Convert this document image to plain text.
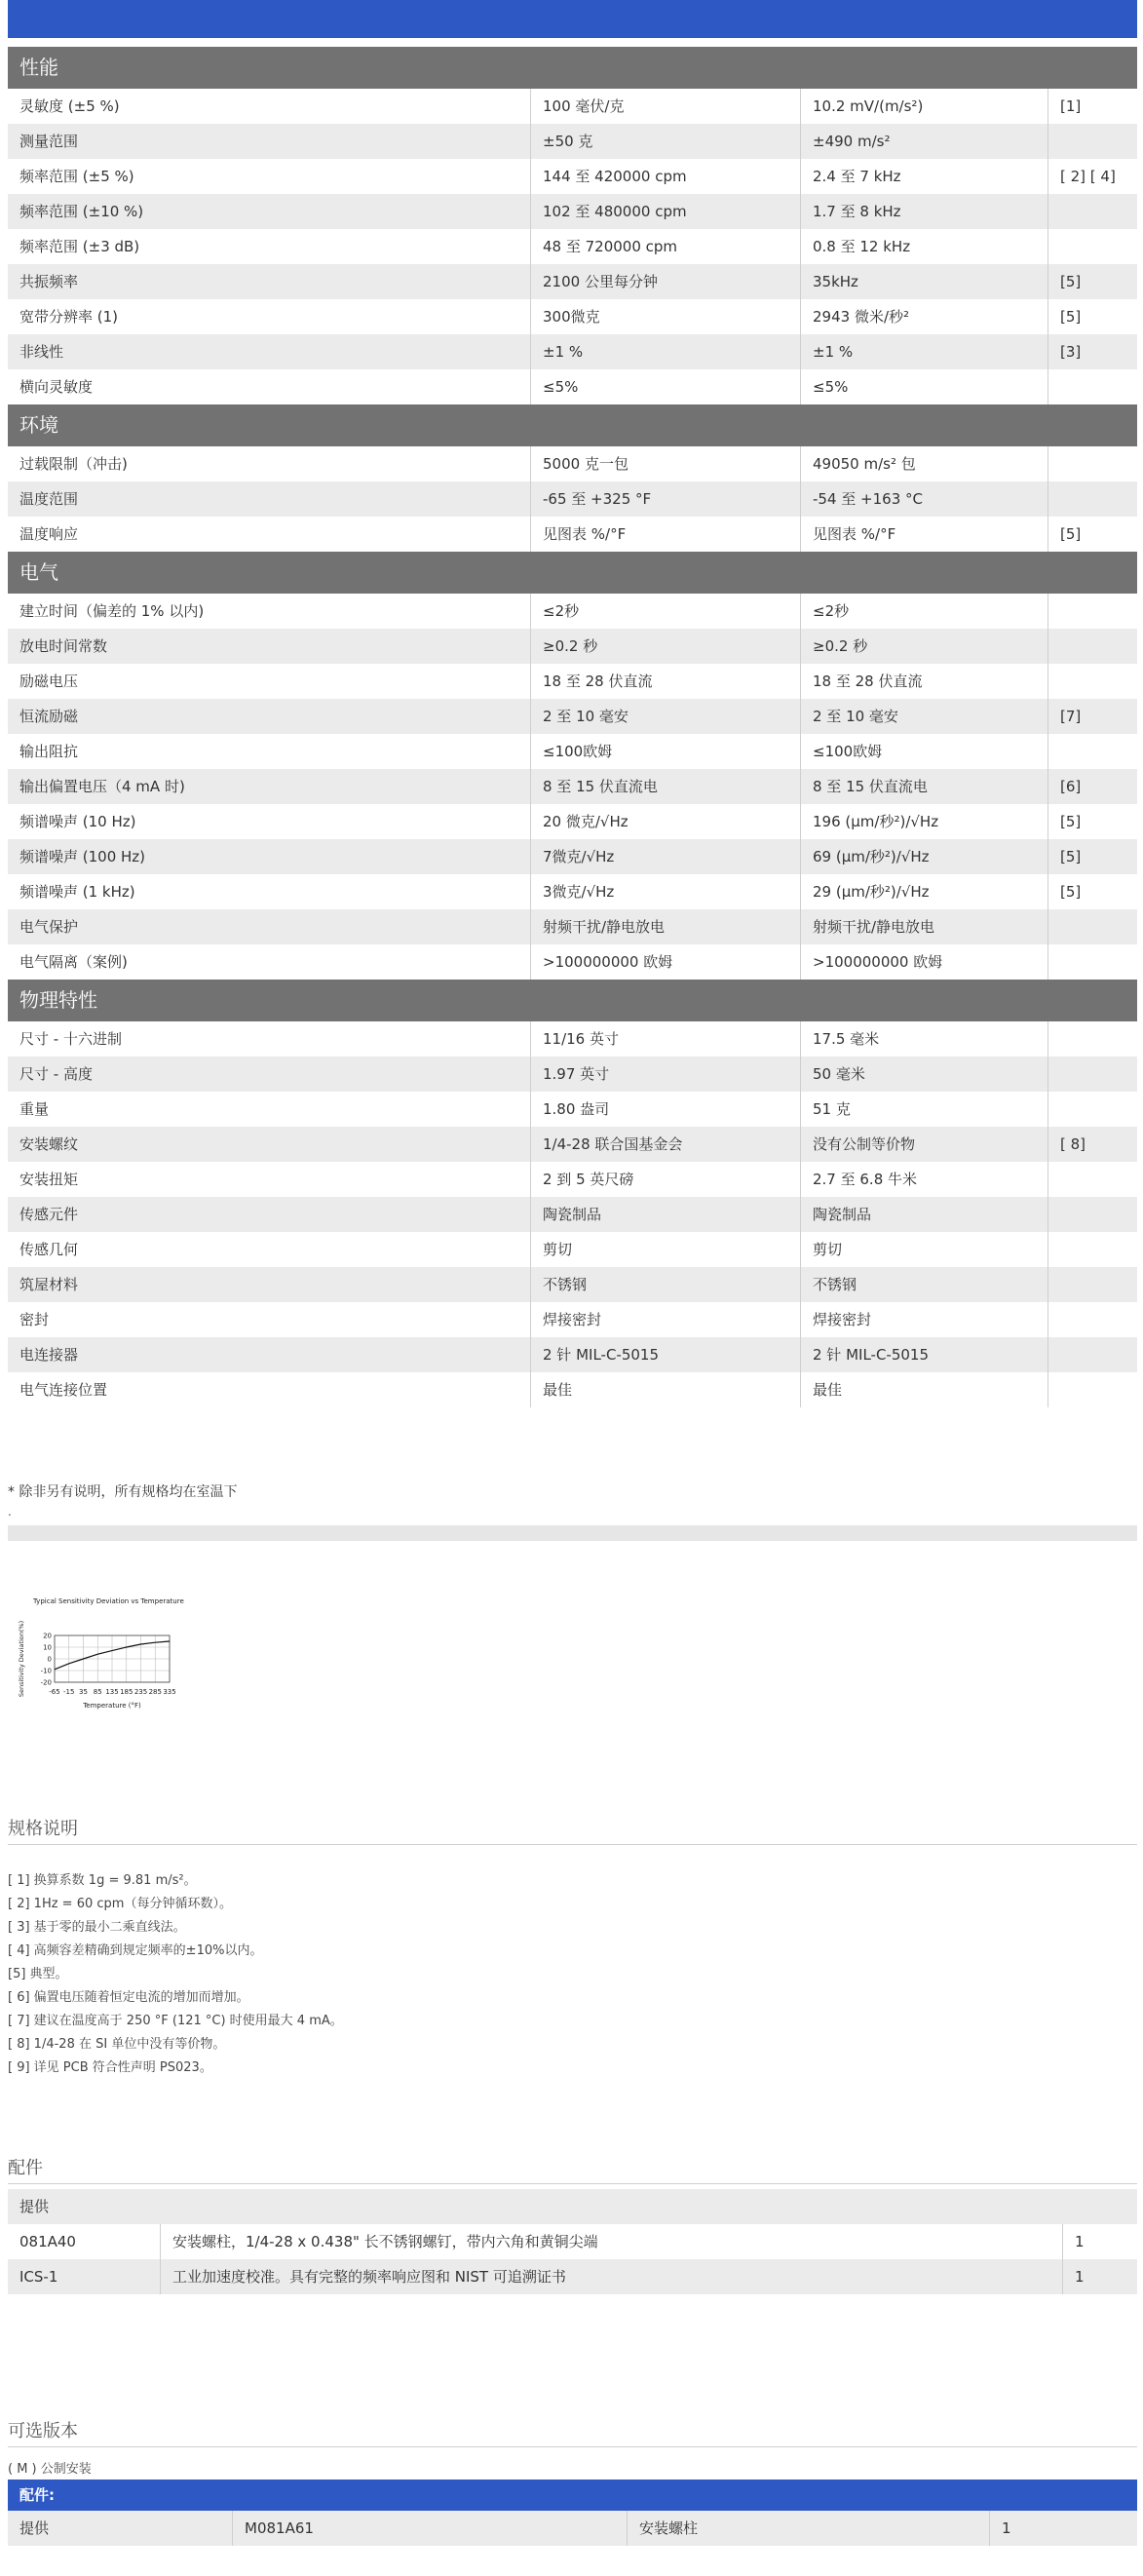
性能
灵敏度 (±5 %)	100 毫伏/克	10.2 mV/(m/s²)	[1]
测量范围	±50 克	±490 m/s²
频率范围 (±5 %)	144 至 420000 cpm	2.4 至 7 kHz	[ 2] [ 4]
频率范围 (±10 %)	102 至 480000 cpm	1.7 至 8 kHz
频率范围 (±3 dB)	48 至 720000 cpm	0.8 至 12 kHz
共振频率	2100 公里每分钟	35kHz	[5]
宽带分辨率 (1)	300微克	2943 微米/秒²	[5]
非线性	±1 %	±1 %	[3]
横向灵敏度	≤5%	≤5%
环境
过载限制（冲击)	5000 克一包	49050 m/s² 包
温度范围	-65 至 +325 °F	-54 至 +163 °C
温度响应	见图表 %/°F	见图表 %/°F	[5]
电气
建立时间（偏差的 1% 以内)	≤2秒	≤2秒
放电时间常数	≥0.2 秒	≥0.2 秒
励磁电压	18 至 28 伏直流	18 至 28 伏直流
恒流励磁	2 至 10 毫安	2 至 10 毫安	[7]
输出阻抗	≤100欧姆	≤100欧姆
输出偏置电压（4 mA 时)	8 至 15 伏直流电	8 至 15 伏直流电	[6]
频谱噪声 (10 Hz)	20 微克/√Hz	196 (μm/秒²)/√Hz	[5]
频谱噪声 (100 Hz)	7微克/√Hz	69 (μm/秒²)/√Hz	[5]
频谱噪声 (1 kHz)	3微克/√Hz	29 (μm/秒²)/√Hz	[5]
电气保护	射频干扰/静电放电	射频干扰/静电放电
电气隔离（案例)	>100000000 欧姆	>100000000 欧姆
物理特性
尺寸 - 十六进制	11/16 英寸	17.5 毫米
尺寸 - 高度	1.97 英寸	50 毫米
重量	1.80 盎司	51 克
安装螺纹	1/4-28 联合国基金会	没有公制等价物	[ 8]
安装扭矩	2 到 5 英尺磅	2.7 至 6.8 牛米
传感元件	陶瓷制品	陶瓷制品
传感几何	剪切	剪切
筑屋材料	不锈钢	不锈钢
密封	焊接密封	焊接密封
电连接器	2 针 MIL-C-5015	2 针 MIL-C-5015
电气连接位置	最佳	最佳
* 除非另有说明，所有规格均在室温下
.
Typical Sensitivity Deviation vs Temperature
20
10
0
-10
-20
-65 -15 35 85 135 185 235 285 335
Temperature (°F)
Sensitivity Deviation(%)
规格说明
[ 1] 换算系数 1g = 9.81 m/s²。
[ 2] 1Hz = 60 cpm（每分钟循环数）。
[ 3] 基于零的最小二乘直线法。
[ 4] 高频容差精确到规定频率的±10%以内。
[5] 典型。
[ 6] 偏置电压随着恒定电流的增加而增加。
[ 7] 建议在温度高于 250 °F (121 °C) 时使用最大 4 mA。
[ 8] 1/4-28 在 SI 单位中没有等价物。
[ 9] 详见 PCB 符合性声明 PS023。
配件
提供
081A40	安装螺柱，1/4-28 x 0.438" 长不锈钢螺钉，带内六角和黄铜尖端	1
ICS-1	工业加速度校准。具有完整的频率响应图和 NIST 可追溯证书	1
可选版本
( M ) 公制安装
配件:
提供	M081A61	安装螺柱	1
